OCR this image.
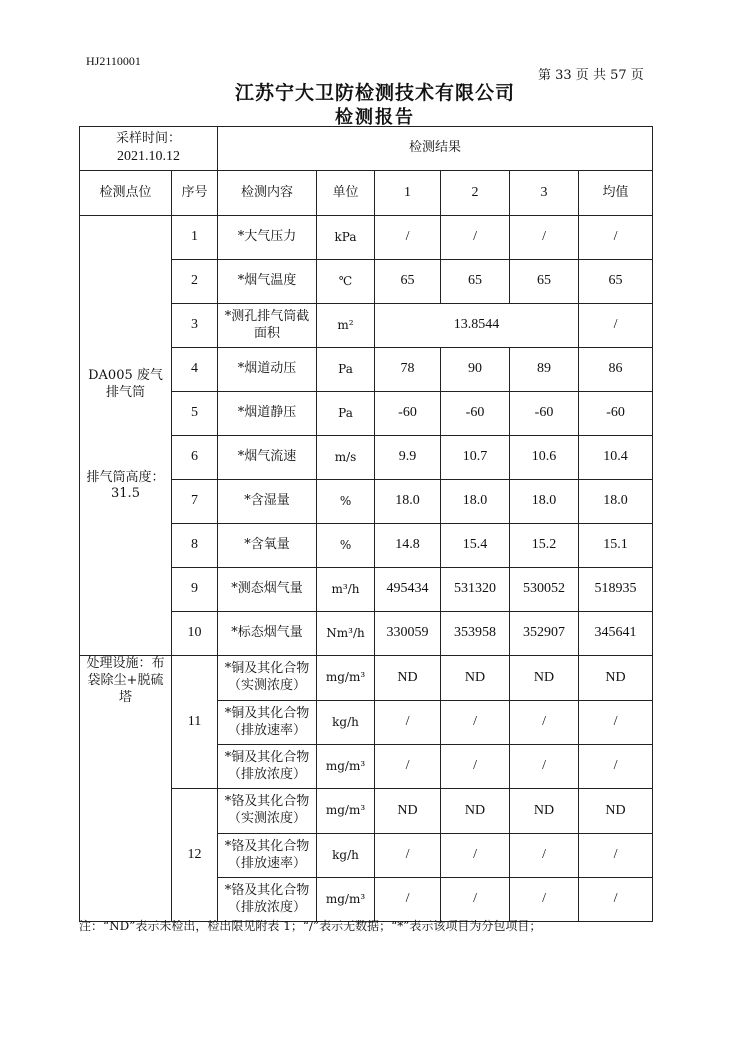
HJ2110001
第 33 页 共 57 页
江苏宁大卫防检测技术有限公司
检测报告
采样时间：
2021.10.12		检测结果					
检测点位	序号	检测内容	单位	1	2	3	均值

DA005 废气排气筒
排气筒高度：31.5	1	*大气压力	kPa	/	/	/	/
	2	*烟气温度	℃	65	65	65	65
	3	*测孔排气筒截面积	m²	13.8544			/
	4	*烟道动压	Pa	78	90	89	86
	5	*烟道静压	Pa	-60	-60	-60	-60
	6	*烟气流速	m/s	9.9	10.7	10.6	10.4
	7	*含湿量	%	18.0	18.0	18.0	18.0
	8	*含氧量	%	14.8	15.4	15.2	15.1
	9	*测态烟气量	m³/h	495434	531320	530052	518935
	10	*标态烟气量	Nm³/h	330059	353958	352907	345641

处理设施：布袋除尘+脱硫塔	11	*铜及其化合物（实测浓度）	mg/m³	ND	ND	ND	ND
		*铜及其化合物（排放速率）	kg/h	/	/	/	/
		*铜及其化合物（排放浓度）	mg/m³	/	/	/	/
	12	*铬及其化合物（实测浓度）	mg/m³	ND	ND	ND	ND
		*铬及其化合物（排放速率）	kg/h	/	/	/	/
		*铬及其化合物（排放浓度）	mg/m³	/	/	/	/
注：“ND”表示未检出，检出限见附表 1；“/”表示无数据；“*”表示该项目为分包项目；
